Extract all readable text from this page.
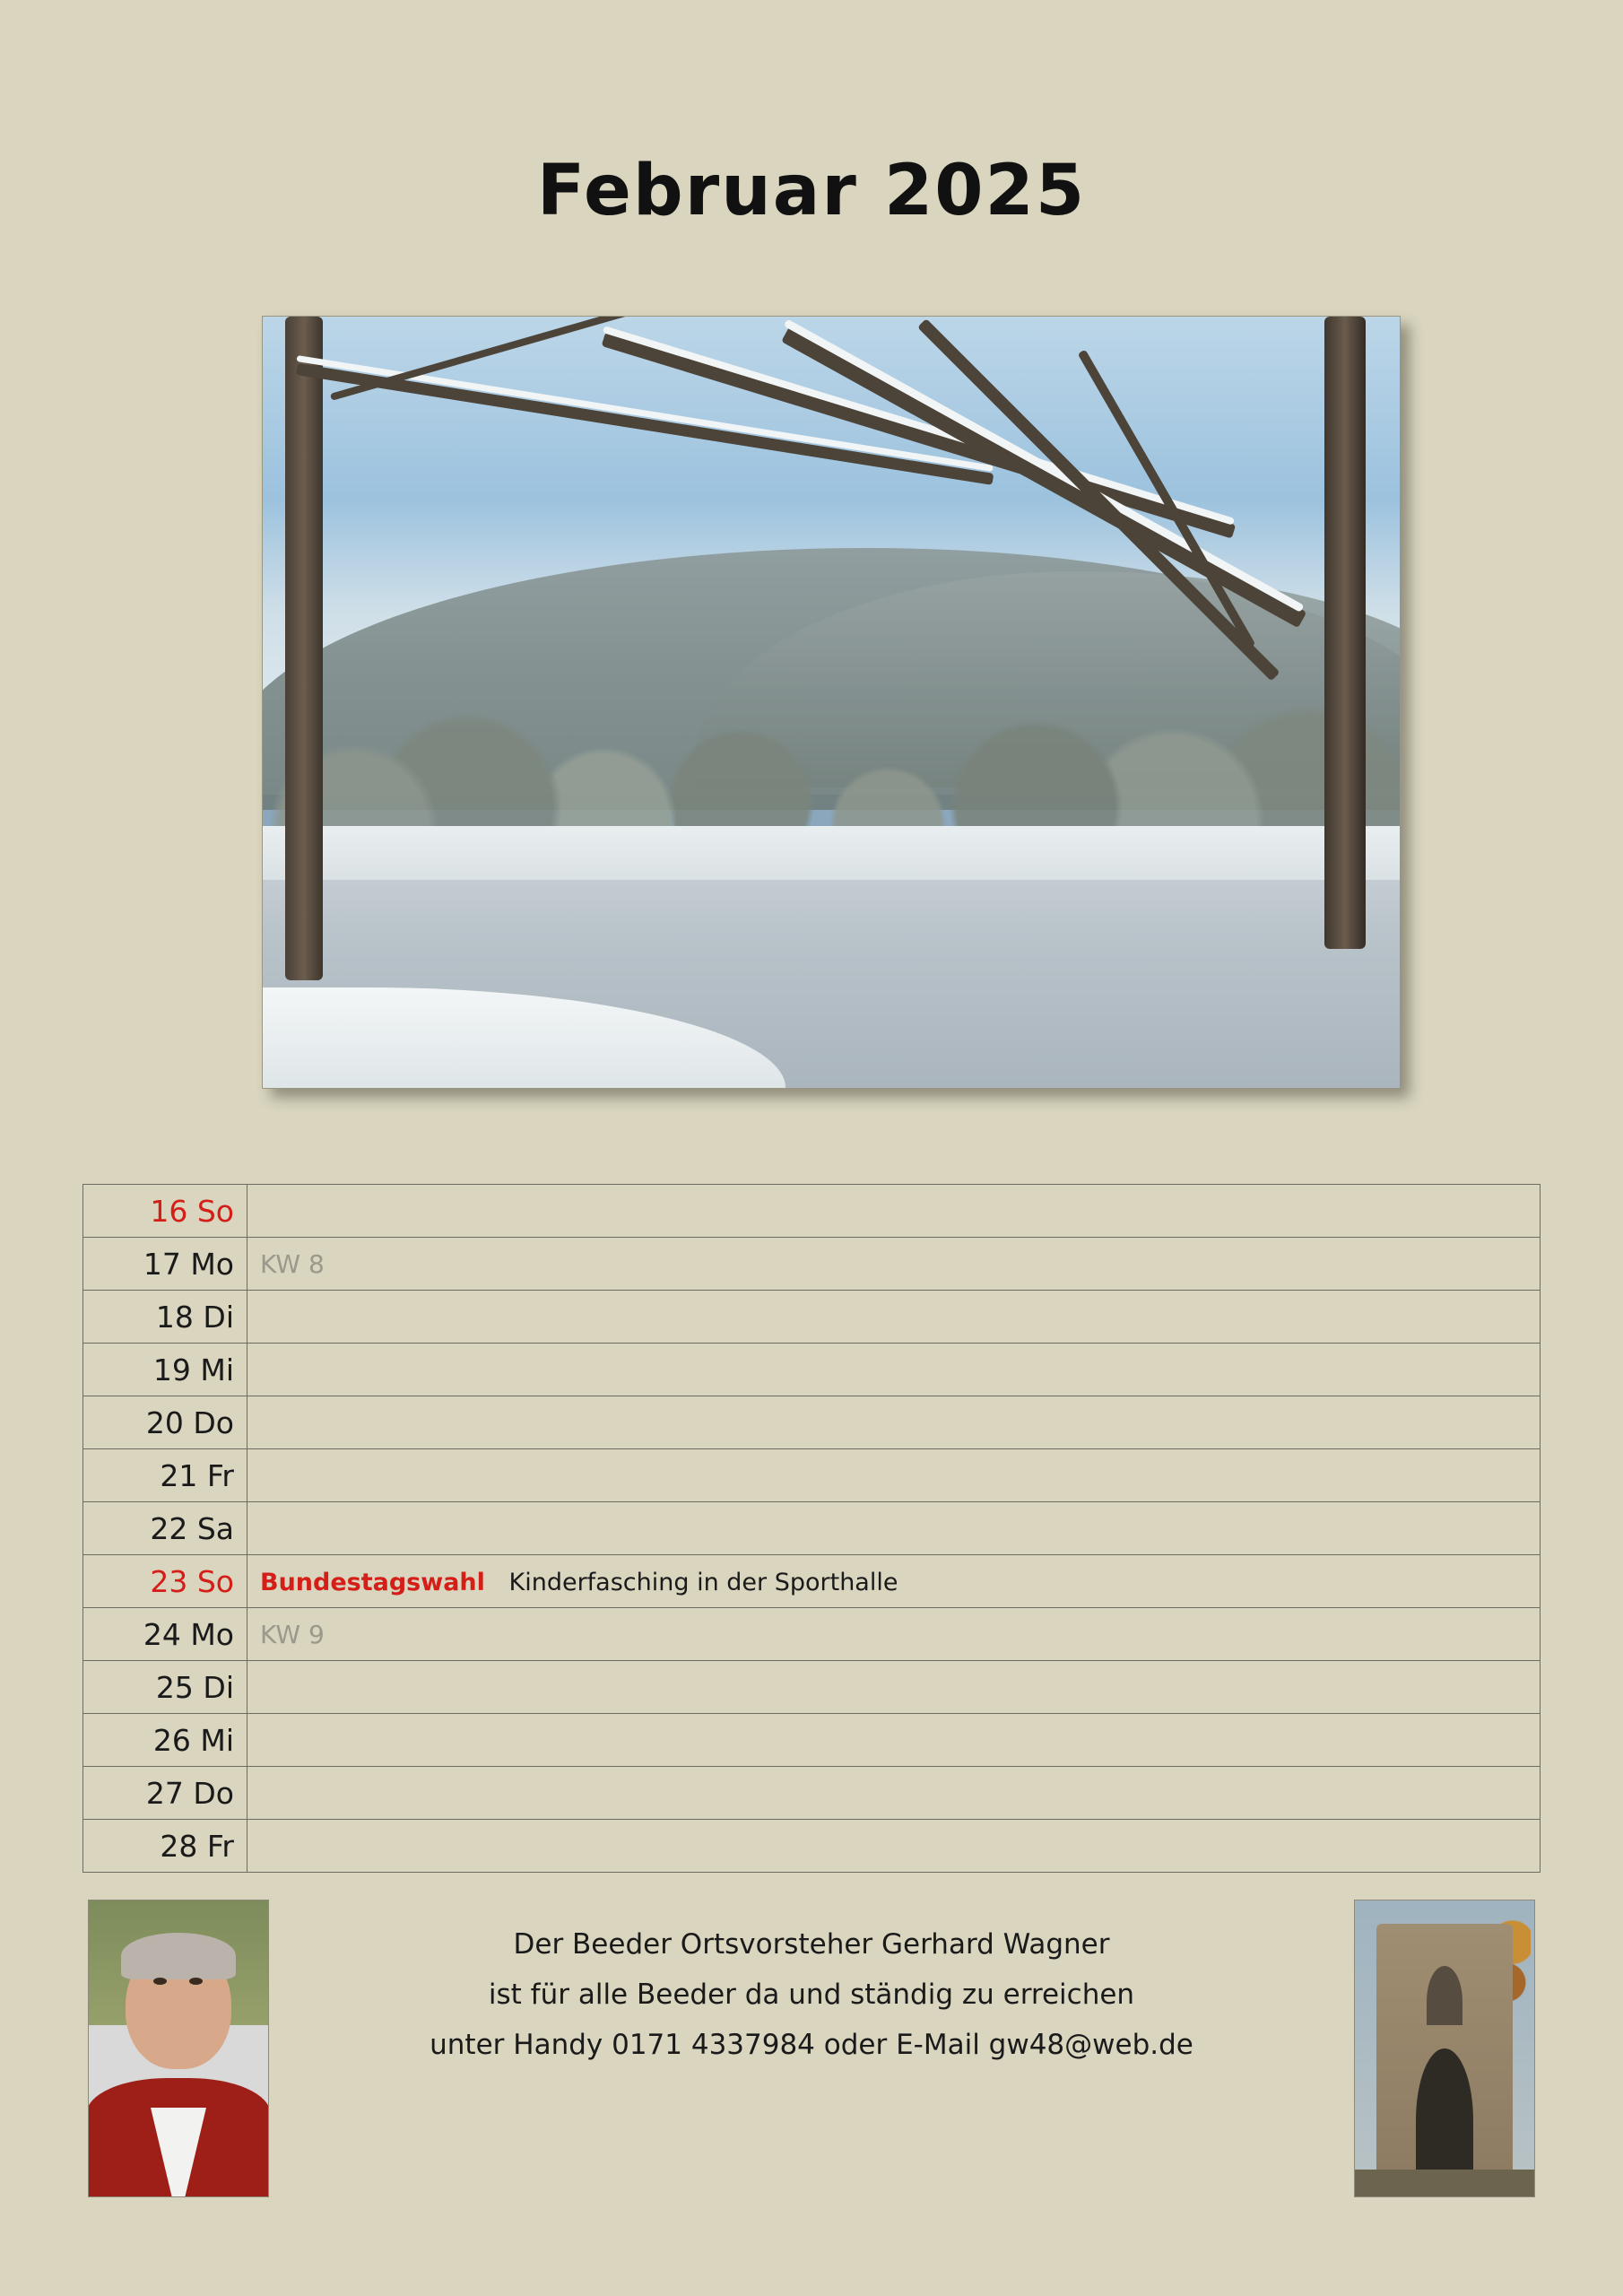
Februar 2025
16 So	
17 Mo	KW 8
18 Di	
19 Mi	
20 Do	
21 Fr	
22 Sa	
23 So	Bundestagswahl Kinderfasching in der Sporthalle
24 Mo	KW 9
25 Di	
26 Mi	
27 Do	
28 Fr	
Der Beeder Ortsvorsteher Gerhard Wagner
ist für alle Beeder da und ständig zu erreichen
unter Handy 0171 4337984 oder E-Mail gw48@web.de
